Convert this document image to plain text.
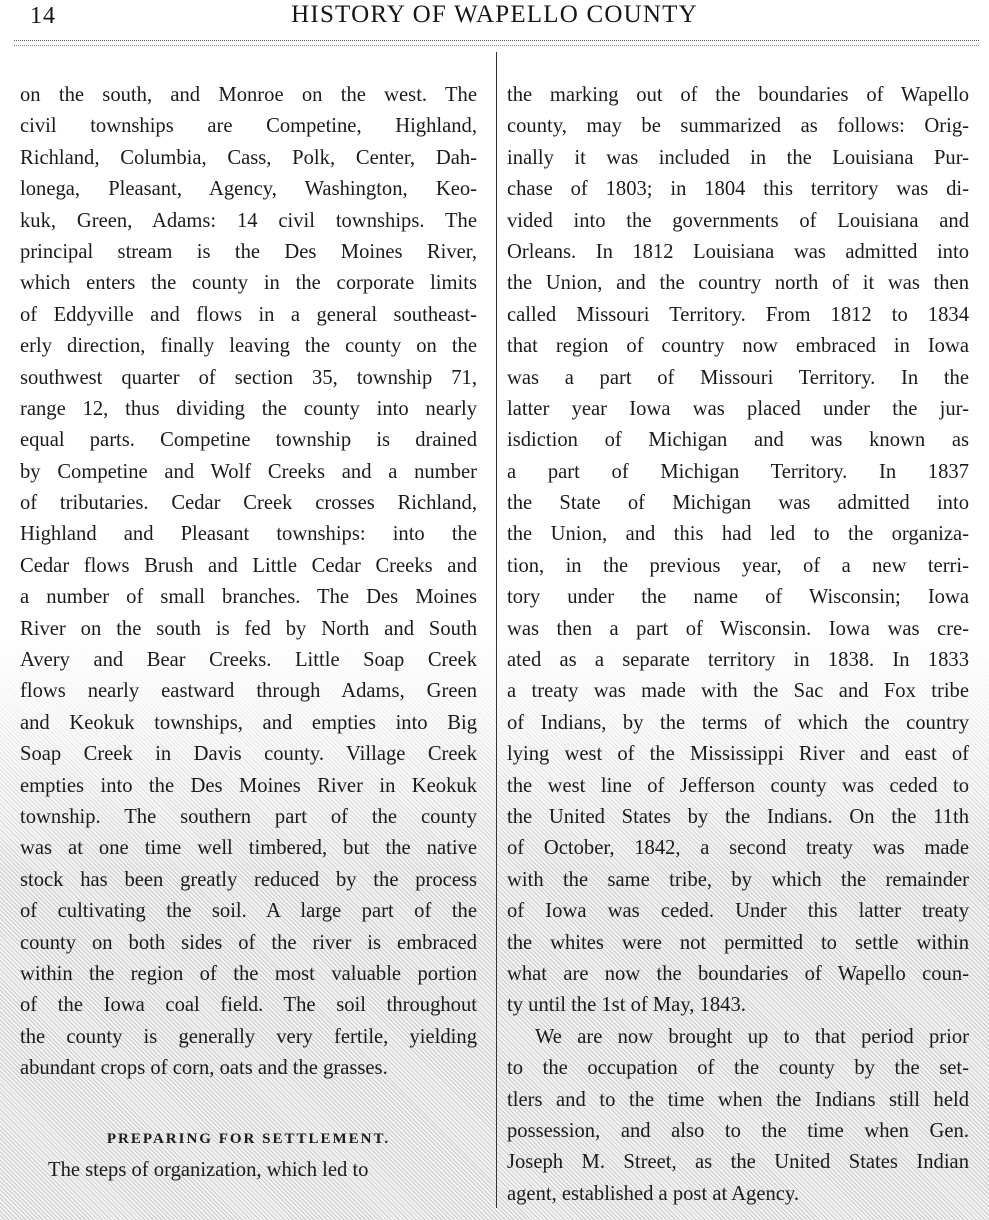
14	HISTORY OF WAPELLO COUNTY
on the south, and Monroe on the west. The
civil townships are Competine, Highland,
Richland, Columbia, Cass, Polk, Center, Dah-
lonega, Pleasant, Agency, Washington, Keo-
kuk, Green, Adams: 14 civil townships. The
principal stream is the Des Moines River,
which enters the county in the corporate limits
of Eddyville and flows in a general southeast-
erly direction, finally leaving the county on the
southwest quarter of section 35, township 71,
range 12, thus dividing the county into nearly
equal parts. Competine township is drained
by Competine and Wolf Creeks and a number
of tributaries. Cedar Creek crosses Richland,
Highland and Pleasant townships: into the
Cedar flows Brush and Little Cedar Creeks and
a number of small branches. The Des Moines
River on the south is fed by North and South
Avery and Bear Creeks. Little Soap Creek
flows nearly eastward through Adams, Green
and Keokuk townships, and empties into Big
Soap Creek in Davis county. Village Creek
empties into the Des Moines River in Keokuk
township. The southern part of the county
was at one time well timbered, but the native
stock has been greatly reduced by the process
of cultivating the soil. A large part of the
county on both sides of the river is embraced
within the region of the most valuable portion
of the Iowa coal field. The soil throughout
the county is generally very fertile, yielding
abundant crops of corn, oats and the grasses.
PREPARING FOR SETTLEMENT.
The steps of organization, which led to
the marking out of the boundaries of Wapello
county, may be summarized as follows: Orig-
inally it was included in the Louisiana Pur-
chase of 1803; in 1804 this territory was di-
vided into the governments of Louisiana and
Orleans. In 1812 Louisiana was admitted into
the Union, and the country north of it was then
called Missouri Territory. From 1812 to 1834
that region of country now embraced in Iowa
was a part of Missouri Territory. In the
latter year Iowa was placed under the jur-
isdiction of Michigan and was known as
a part of Michigan Territory. In 1837
the State of Michigan was admitted into
the Union, and this had led to the organiza-
tion, in the previous year, of a new terri-
tory under the name of Wisconsin; Iowa
was then a part of Wisconsin. Iowa was cre-
ated as a separate territory in 1838. In 1833
a treaty was made with the Sac and Fox tribe
of Indians, by the terms of which the country
lying west of the Mississippi River and east of
the west line of Jefferson county was ceded to
the United States by the Indians. On the 11th
of October, 1842, a second treaty was made
with the same tribe, by which the remainder
of Iowa was ceded. Under this latter treaty
the whites were not permitted to settle within
what are now the boundaries of Wapello coun-
ty until the 1st of May, 1843.
We are now brought up to that period prior
to the occupation of the county by the set-
tlers and to the time when the Indians still held
possession, and also to the time when Gen.
Joseph M. Street, as the United States Indian
agent, established a post at Agency.
